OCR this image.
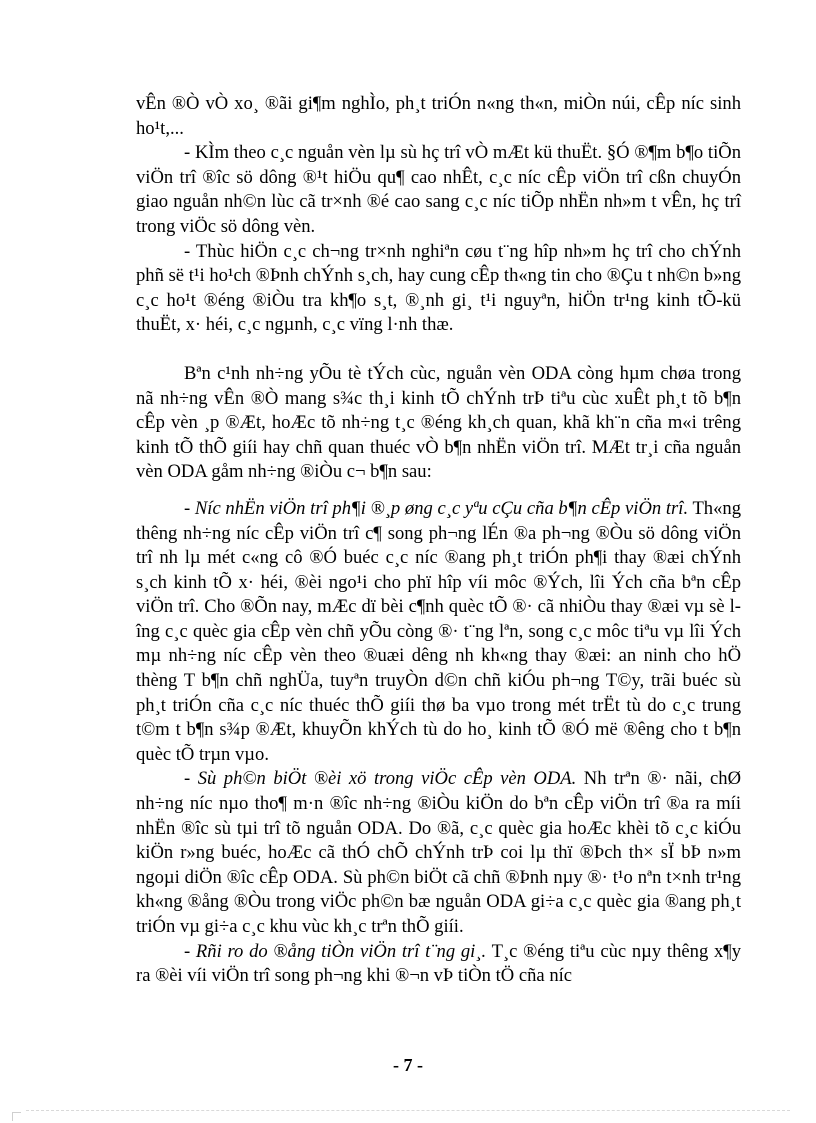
vÊn ®Ò vÒ xo¸ ®ãi gi¶m nghÌo, ph¸t triÓn n«ng th«n, miÒn núi, cÊp níc sinh ho¹t,...

- KÌm theo c¸c nguån vèn lµ sù hç trî vÒ mÆt kü thuËt. §Ó ®¶m b¶o tiÕn viÖn trî ®îc sö dông ®¹t hiÖu qu¶ cao nhÊt, c¸c níc cÊp viÖn trî cßn chuyÓn giao nguån nh©n lùc cã tr×nh ®é cao sang c¸c níc tiÕp nhËn nh»m t vÊn, hç trî trong viÖc sö dông vèn.

- Thùc hiÖn c¸c ch¬ng tr×nh nghiªn cøu t¨ng hîp nh»m hç trî cho chÝnh phñ së t¹i ho¹ch ®Þnh chÝnh s¸ch, hay cung cÊp th«ng tin cho ®Çu t nh©n b»ng c¸c ho¹t ®éng ®iÒu tra kh¶o s¸t, ®¸nh gi¸ t¹i nguyªn, hiÖn tr¹ng kinh tÕ-kü thuËt, x· héi, c¸c ngµnh, c¸c vïng l·nh thæ.

Bªn c¹nh nh÷ng yÕu tè tÝch cùc, nguån vèn ODA còng hµm chøa trong nã nh÷ng vÊn ®Ò mang s¾c th¸i kinh tÕ chÝnh trÞ tiªu cùc xuÊt ph¸t tõ b¶n cÊp vèn ¸p ®Æt, hoÆc tõ nh÷ng t¸c ®éng kh¸ch quan, khã kh¨n cña m«i trêng kinh tÕ thÕ giíi hay chñ quan thuéc vÒ b¶n nhËn viÖn trî. MÆt tr¸i cña nguån vèn ODA gåm nh÷ng ®iÒu c¬ b¶n sau:

- Níc nhËn viÖn trî ph¶i ®¸p øng c¸c yªu cÇu cña b¶n cÊp viÖn trî. Th«ng thêng nh÷ng níc cÊp viÖn trî c¶ song ph¬ng lÉn ®a ph¬ng ®Òu sö dông viÖn trî nh lµ mét c«ng cô ®Ó buéc c¸c níc ®ang ph¸t triÓn ph¶i thay ®æi chÝnh s¸ch kinh tÕ x· héi, ®èi ngo¹i cho phï hîp víi môc ®Ých, lîi Ých cña bªn cÊp viÖn trî. Cho ®Õn nay, mÆc dï bèi c¶nh quèc tÕ ®· cã nhiÒu thay ®æi vµ sè lîng c¸c quèc gia cÊp vèn chñ yÕu còng ®· t¨ng lªn, song c¸c môc tiªu vµ lîi Ých mµ nh÷ng níc cÊp vèn theo ®uæi dêng nh kh«ng thay ®æi: an ninh cho hÖ thèng T b¶n chñ nghÜa, tuyªn truyÒn d©n chñ kiÓu ph¬ng T©y, trãi buéc sù ph¸t triÓn cña c¸c níc thuéc thÕ giíi thø ba vµo trong mét trËt tù do c¸c trung t©m t b¶n s¾p ®Æt, khuyÕn khÝch tù do ho¸ kinh tÕ ®Ó më ®êng cho t b¶n quèc tÕ trµn vµo.

- Sù ph©n biÖt ®èi xö trong viÖc cÊp vèn ODA. Nh trªn ®· nãi, chØ nh÷ng níc nµo tho¶ m·n ®îc nh÷ng ®iÒu kiÖn do bªn cÊp viÖn trî ®a ra míi nhËn ®îc sù tµi trî tõ nguån ODA. Do ®ã, c¸c quèc gia hoÆc khèi tõ c¸c kiÓu kiÖn r»ng buéc, hoÆc cã thÓ chÕ chÝnh trÞ coi lµ thï ®Þch th× sÏ bÞ n»m ngoµi diÖn ®îc cÊp ODA. Sù ph©n biÖt cã chñ ®Þnh nµy ®· t¹o nªn t×nh tr¹ng kh«ng ®ång ®Òu trong viÖc ph©n bæ nguån ODA gi÷a c¸c quèc gia ®ang ph¸t triÓn vµ gi÷a c¸c khu vùc kh¸c trªn thÕ giíi.

- Rñi ro do ®ång tiÒn viÖn trî t¨ng gi¸. T¸c ®éng tiªu cùc nµy thêng x¶y ra ®èi víi viÖn trî song ph¬ng khi ®¬n vÞ tiÒn tÖ cña níc

- 7 -
